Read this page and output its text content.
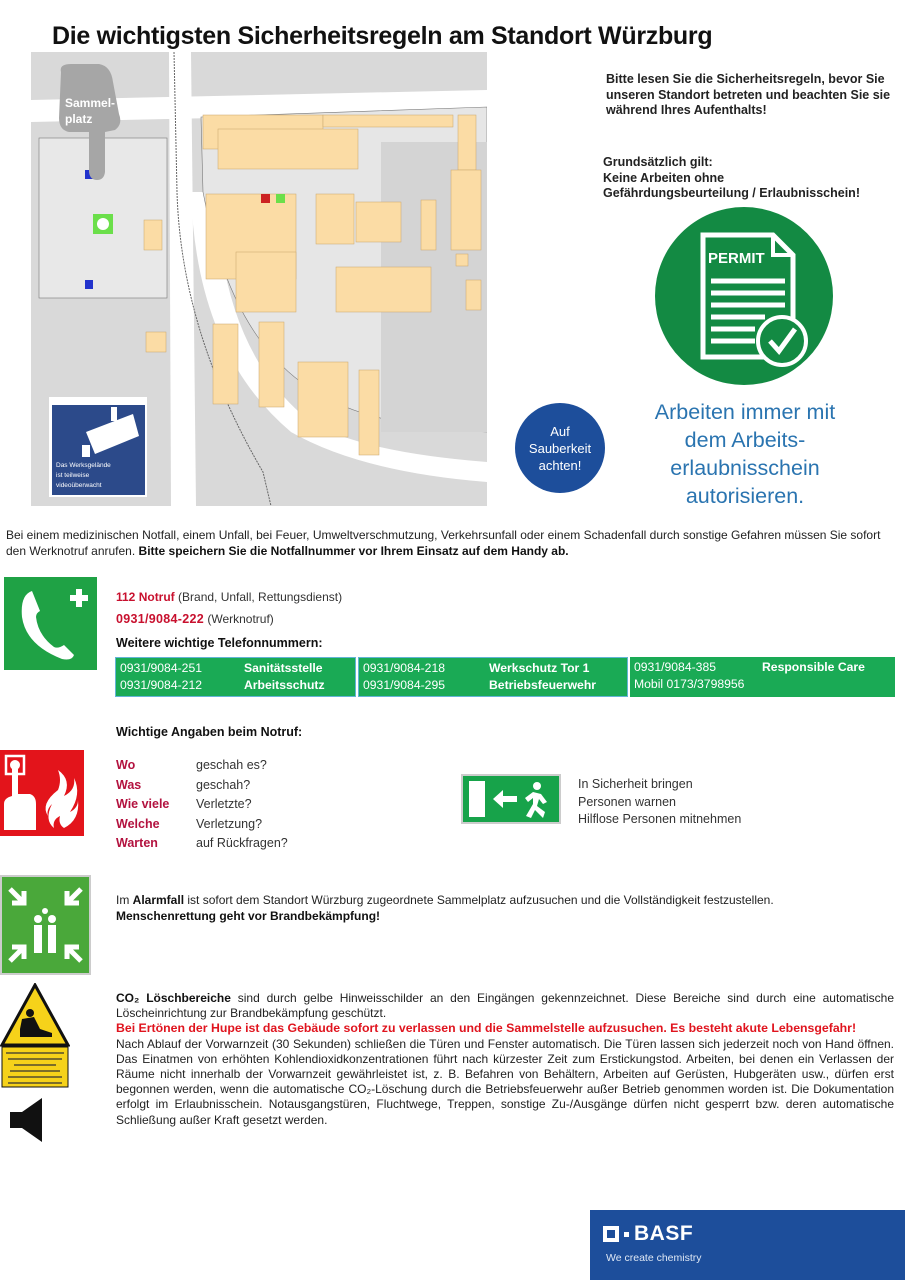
Die wichtigsten Sicherheitsregeln am Standort Würzburg
Sammel-
platz
Das Werksgelände
ist teilweise
videoüberwacht
Bitte lesen Sie die Sicherheitsregeln, bevor Sie unseren Standort betreten und beachten Sie sie während Ihres Aufenthalts!
Grundsätzlich gilt:
Keine Arbeiten ohne
Gefährdungsbeurteilung / Erlaubnisschein!
PERMIT
Auf
Sauberkeit
achten!
Arbeiten immer mit
dem Arbeits-
erlaubnisschein
autorisieren.
Bei einem medizinischen Notfall, einem Unfall, bei Feuer, Umweltverschmutzung, Verkehrsunfall oder einem Schadenfall durch sonstige Gefahren müssen Sie sofort den Werknotruf anrufen. Bitte speichern Sie die Notfallnummer vor Ihrem Einsatz auf dem Handy ab.
112 Notruf (Brand, Unfall, Rettungsdienst)
0931/9084-222 (Werknotruf)
Weitere wichtige Telefonnummern:
0931/9084-251	Sanitätsstelle
0931/9084-212	Arbeitsschutz
0931/9084-218	Werkschutz Tor 1
0931/9084-295	Betriebsfeuerwehr
0931/9084-385	Responsible Care
Mobil 0173/3798956
Wichtige Angaben beim Notruf:
Wo	geschah es?
Was	geschah?
Wie viele	Verletzte?
Welche	Verletzung?
Warten	auf Rückfragen?
In Sicherheit bringen
Personen warnen
Hilflose Personen mitnehmen
Im Alarmfall ist sofort dem Standort Würzburg zugeordnete Sammelplatz aufzusuchen und die Vollständigkeit festzustellen.
Menschenrettung geht vor Brandbekämpfung!

CO₂ Löschbereiche sind durch gelbe Hinweisschilder an den Eingängen gekennzeichnet. Diese Bereiche sind durch eine automatische Löscheinrichtung zur Brandbekämpfung geschützt.

Bei Ertönen der Hupe ist das Gebäude sofort zu verlassen und die Sammelstelle aufzusuchen. Es besteht akute Lebensgefahr!

Nach Ablauf der Vorwarnzeit (30 Sekunden) schließen die Türen und Fenster automatisch. Die Türen lassen sich jederzeit noch von Hand öffnen. Das Einatmen von erhöhten Kohlendioxidkonzentrationen führt nach kürzester Zeit zum Erstickungstod. Arbeiten, bei denen ein Verlassen der Räume nicht innerhalb der Vorwarnzeit gewährleistet ist, z. B. Befahren von Behältern, Arbeiten auf Gerüsten, Hubgeräten usw., dürfen erst begonnen werden, wenn die automatische CO₂-Löschung durch die Betriebsfeuerwehr außer Betrieb genommen worden ist. Die Dokumentation erfolgt im Erlaubnisschein. Notausgangstüren, Fluchtwege, Treppen, sonstige Zu-/Ausgänge dürfen nicht gesperrt bzw. deren automatische Schließung außer Kraft gesetzt werden.

BASF
We create chemistry
